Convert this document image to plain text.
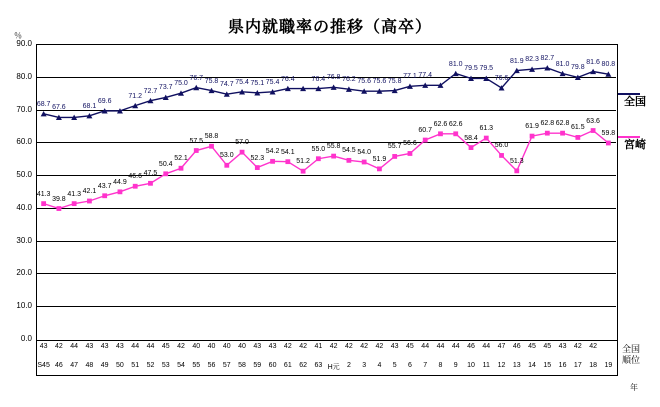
県内就職率の推移（高卒）
％
年
0.0
10.0
20.0
30.0
40.0
50.0
60.0
70.0
80.0
90.0
68.7
67.6	68.1
69.6
71.2
72.7 73.7
75.0
76.7 75.8
74.7 75.4 75.1 75.4 76.4	76.4 76.8 76.2 75.6 75.6 75.8
77.1 77.4
81.0
79.5 79.5
76.6
81.9 82.3 82.7
81.0
79.8
81.6 80.8
41.3
39.8
41.3 42.1
43.7
44.9
46.6 47.5
50.4
52.1
57.5
58.8
53.0
57.0
52.3
54.2 54.1
51.2
55.0 55.8
54.5 54.0
51.9
55.7 56.6
60.7
62.6 62.6
58.4
61.3
56.0
51.3
61.9 62.8 62.8
61.5
63.6
59.8
S45 46	47	48	49	50	51	52	53	54	55	56	57	58	59	60	61	62	63 H元	2	3	4	5	6	7	8	9	10	11	12	13	14	15	16	17	18	19
43	42	44	43	43	43	44	44	45	42	40	40	40	40	43	43	42	42	41	42	42	42	42	43	45	44	44	44	46	44	47	46	45	45	43	42	42
全国
宮崎
全国
順位
